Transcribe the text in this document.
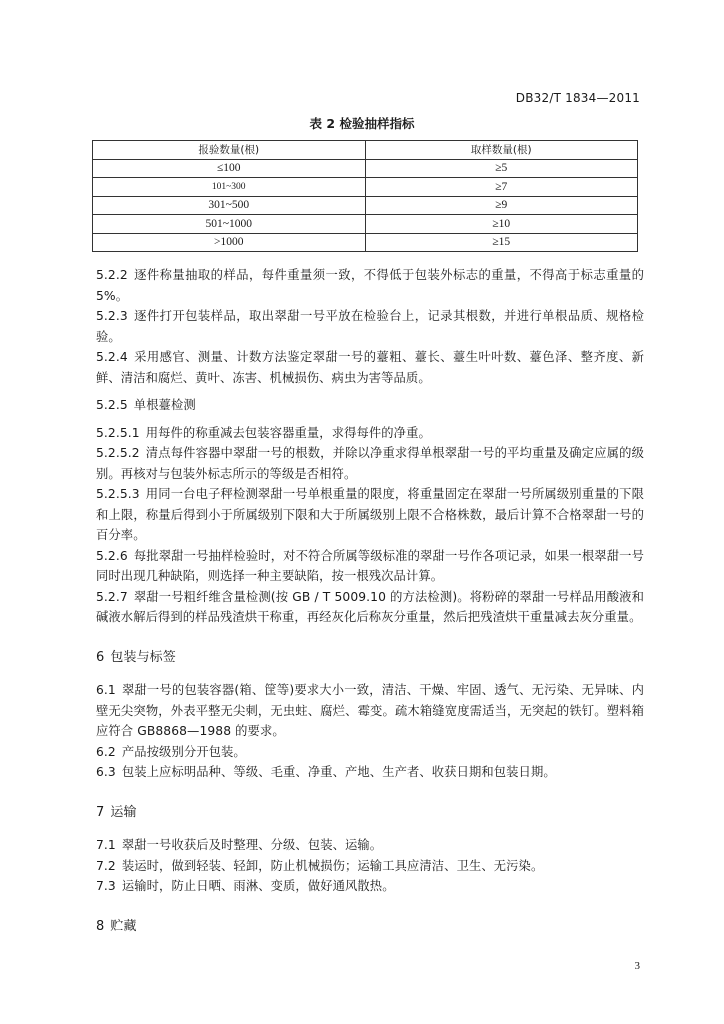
DB32/T 1834—2011
表 2 检验抽样指标
报验数量(根)	取样数量(根)
≤100	≥5
101~300	≥7
301~500	≥9
501~1000	≥10
>1000	≥15

5.2.2 逐件称量抽取的样品，每件重量须一致，不得低于包装外标志的重量，不得高于标志重量的5%。

5.2.3 逐件打开包装样品，取出翠甜一号平放在检验台上，记录其根数，并进行单根品质、规格检验。

5.2.4 采用感官、测量、计数方法鉴定翠甜一号的薹粗、薹长、薹生叶叶数、薹色泽、整齐度、新鲜、清洁和腐烂、黄叶、冻害、机械损伤、病虫为害等品质。

5.2.5 单根薹检测

5.2.5.1 用每件的称重减去包装容器重量，求得每件的净重。

5.2.5.2 清点每件容器中翠甜一号的根数，并除以净重求得单根翠甜一号的平均重量及确定应属的级别。再核对与包装外标志所示的等级是否相符。

5.2.5.3 用同一台电子秤检测翠甜一号单根重量的限度，将重量固定在翠甜一号所属级别重量的下限和上限，称量后得到小于所属级别下限和大于所属级别上限不合格株数，最后计算不合格翠甜一号的百分率。

5.2.6 每批翠甜一号抽样检验时，对不符合所属等级标准的翠甜一号作各项记录，如果一根翠甜一号同时出现几种缺陷，则选择一种主要缺陷，按一根残次品计算。

5.2.7 翠甜一号粗纤维含量检测(按 GB / T 5009.10 的方法检测)。将粉碎的翠甜一号样品用酸液和碱液水解后得到的样品残渣烘干称重，再经灰化后称灰分重量，然后把残渣烘干重量减去灰分重量。

6 包装与标签

6.1 翠甜一号的包装容器(箱、筐等)要求大小一致，清洁、干燥、牢固、透气、无污染、无异味、内壁无尖突物，外表平整无尖刺，无虫蛀、腐烂、霉变。疏木箱缝宽度需适当，无突起的铁钉。塑料箱应符合 GB8868—1988 的要求。

6.2 产品按级别分开包装。

6.3 包装上应标明品种、等级、毛重、净重、产地、生产者、收获日期和包装日期。

7 运输

7.1 翠甜一号收获后及时整理、分级、包装、运输。

7.2 装运时，做到轻装、轻卸，防止机械损伤；运输工具应清洁、卫生、无污染。

7.3 运输时，防止日晒、雨淋、变质，做好通风散热。

8 贮藏

3
